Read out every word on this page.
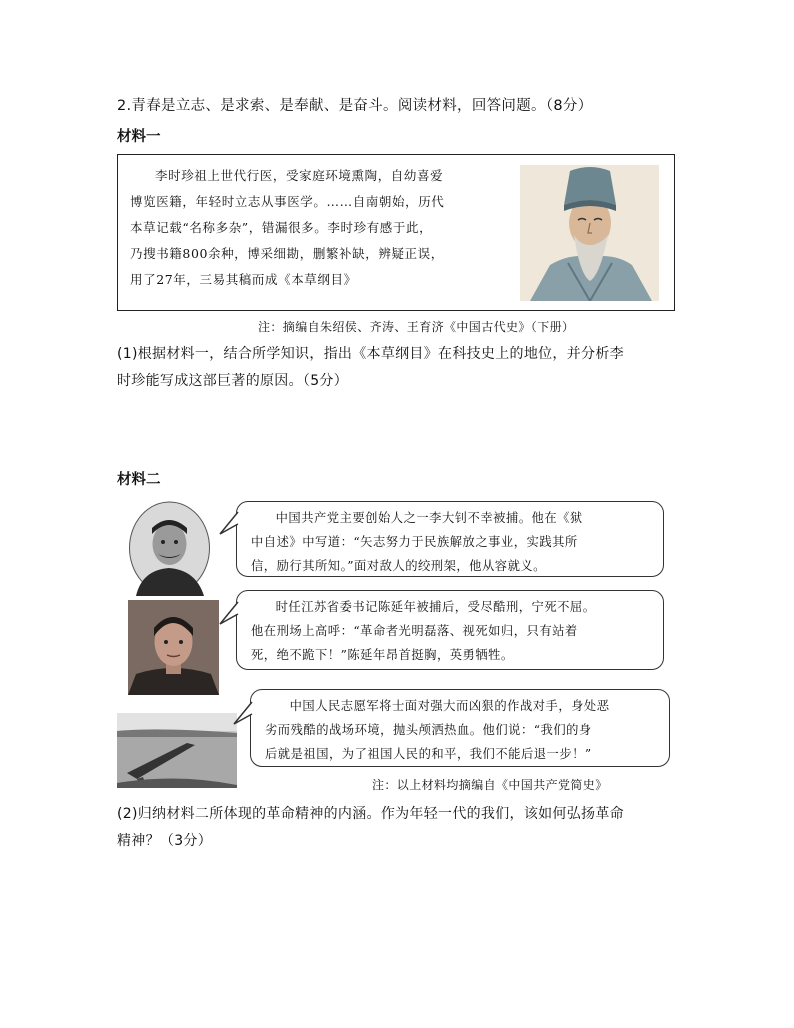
2.青春是立志、是求索、是奉献、是奋斗。阅读材料，回答问题。（8分）
材料一

李时珍祖上世代行医，受家庭环境熏陶，自幼喜爱

博览医籍，年轻时立志从事医学。……自南朝始，历代

本草记载“名称多杂”，错漏很多。李时珍有感于此，

乃搜书籍800余种，博采细勘，删繁补缺，辨疑正误，

用了27年，三易其稿而成《本草纲目》

注：摘编自朱绍侯、齐涛、王育济《中国古代史》（下册）
(1)根据材料一，结合所学知识，指出《本草纲目》在科技史上的地位，并分析李
时珍能写成这部巨著的原因。（5分）
材料二

中国共产党主要创始人之一李大钊不幸被捕。他在《狱

中自述》中写道：“矢志努力于民族解放之事业，实践其所

信，励行其所知。”面对敌人的绞刑架，他从容就义。

时任江苏省委书记陈延年被捕后，受尽酷刑，宁死不屈。

他在刑场上高呼：“革命者光明磊落、视死如归，只有站着

死，绝不跪下！”陈延年昂首挺胸，英勇牺牲。

中国人民志愿军将士面对强大而凶狠的作战对手，身处恶

劣而残酷的战场环境，抛头颅洒热血。他们说：“我们的身

后就是祖国，为了祖国人民的和平，我们不能后退一步！”

注：以上材料均摘编自《中国共产党简史》
(2)归纳材料二所体现的革命精神的内涵。作为年轻一代的我们，该如何弘扬革命
精神？（3分）
